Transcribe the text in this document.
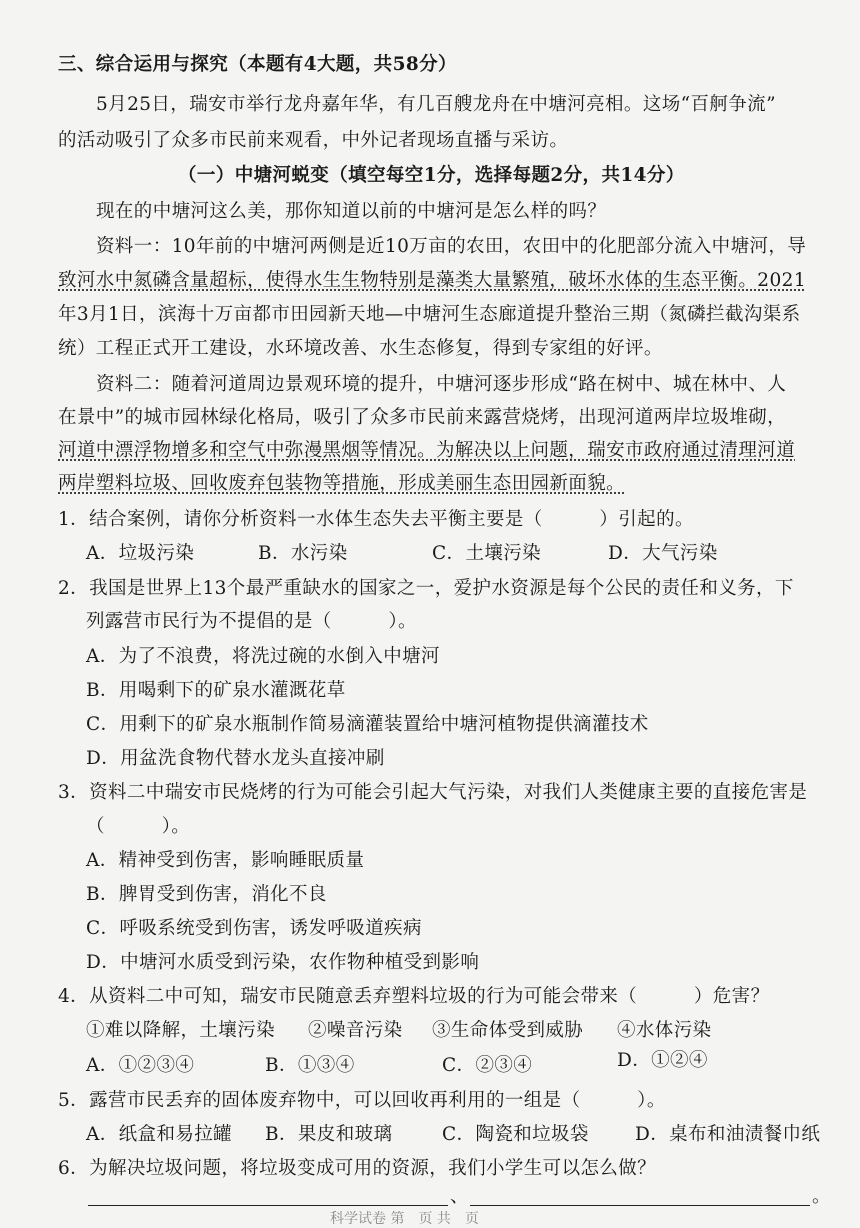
三、综合运用与探究（本题有4大题，共58分）
5月25日，瑞安市举行龙舟嘉年华，有几百艘龙舟在中塘河亮相。这场“百舸争流”
的活动吸引了众多市民前来观看，中外记者现场直播与采访。
（一）中塘河蜕变（填空每空1分，选择每题2分，共14分）
现在的中塘河这么美，那你知道以前的中塘河是怎么样的吗？
资料一：10年前的中塘河两侧是近10万亩的农田，农田中的化肥部分流入中塘河，导
致河水中氮磷含量超标，使得水生生物特别是藻类大量繁殖，破坏水体的生态平衡。2021
年3月1日，滨海十万亩都市田园新天地—中塘河生态廊道提升整治三期（氮磷拦截沟渠系
统）工程正式开工建设，水环境改善、水生态修复，得到专家组的好评。
资料二：随着河道周边景观环境的提升，中塘河逐步形成“路在树中、城在林中、人
在景中”的城市园林绿化格局，吸引了众多市民前来露营烧烤，出现河道两岸垃圾堆砌，
河道中漂浮物增多和空气中弥漫黑烟等情况。为解决以上问题，瑞安市政府通过清理河道
两岸塑料垃圾、回收废弃包装物等措施，形成美丽生态田园新面貌。
1．结合案例，请你分析资料一水体生态失去平衡主要是（　　　）引起的。
A．垃圾污染	B．水污染	C．土壤污染	D．大气污染
2．我国是世界上13个最严重缺水的国家之一，爱护水资源是每个公民的责任和义务，下
列露营市民行为不提倡的是（　　　）。
A．为了不浪费，将洗过碗的水倒入中塘河
B．用喝剩下的矿泉水灌溉花草
C．用剩下的矿泉水瓶制作简易滴灌装置给中塘河植物提供滴灌技术
D．用盆洗食物代替水龙头直接冲刷
3．资料二中瑞安市民烧烤的行为可能会引起大气污染，对我们人类健康主要的直接危害是
（　　　）。
A．精神受到伤害，影响睡眠质量
B．脾胃受到伤害，消化不良
C．呼吸系统受到伤害，诱发呼吸道疾病
D．中塘河水质受到污染，农作物种植受到影响
4．从资料二中可知，瑞安市民随意丢弃塑料垃圾的行为可能会带来（　　　）危害？
①难以降解，土壤污染 ②噪音污染 ③生命体受到威胁 ④水体污染
A．①②③④	B．①③④	C．②③④	D．①②④
5．露营市民丢弃的固体废弃物中，可以回收再利用的一组是（　　　）。
A．纸盒和易拉罐 B．果皮和玻璃	C．陶瓷和垃圾袋 D．桌布和油渍餐巾纸
6．为解决垃圾问题，将垃圾变成可用的资源，我们小学生可以怎么做？
、	。
科学试卷 第　页 共　页
